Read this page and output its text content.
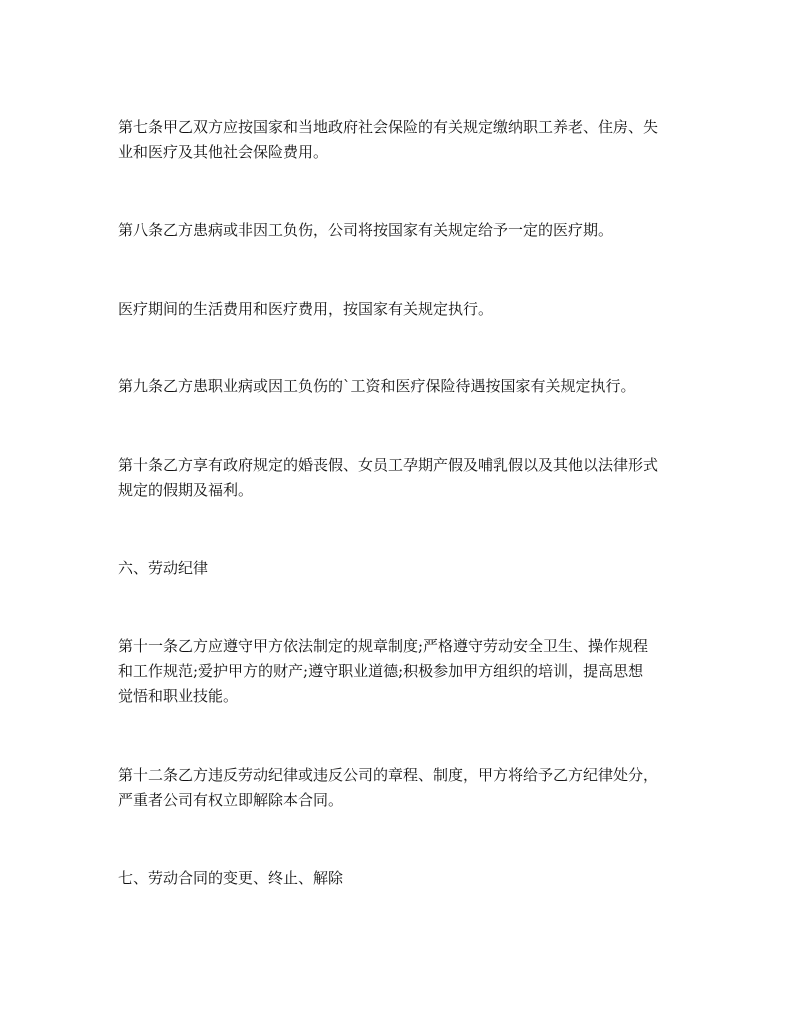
第七条甲乙双方应按国家和当地政府社会保险的有关规定缴纳职工养老、住房、失
业和医疗及其他社会保险费用。

第八条乙方患病或非因工负伤，公司将按国家有关规定给予一定的医疗期。

医疗期间的生活费用和医疗费用，按国家有关规定执行。

第九条乙方患职业病或因工负伤的`工资和医疗保险待遇按国家有关规定执行。

第十条乙方享有政府规定的婚丧假、女员工孕期产假及哺乳假以及其他以法律形式
规定的假期及福利。

六、劳动纪律

第十一条乙方应遵守甲方依法制定的规章制度;严格遵守劳动安全卫生、操作规程
和工作规范;爱护甲方的财产;遵守职业道德;积极参加甲方组织的培训，提高思想
觉悟和职业技能。

第十二条乙方违反劳动纪律或违反公司的章程、制度，甲方将给予乙方纪律处分，
严重者公司有权立即解除本合同。

七、劳动合同的变更、终止、解除
